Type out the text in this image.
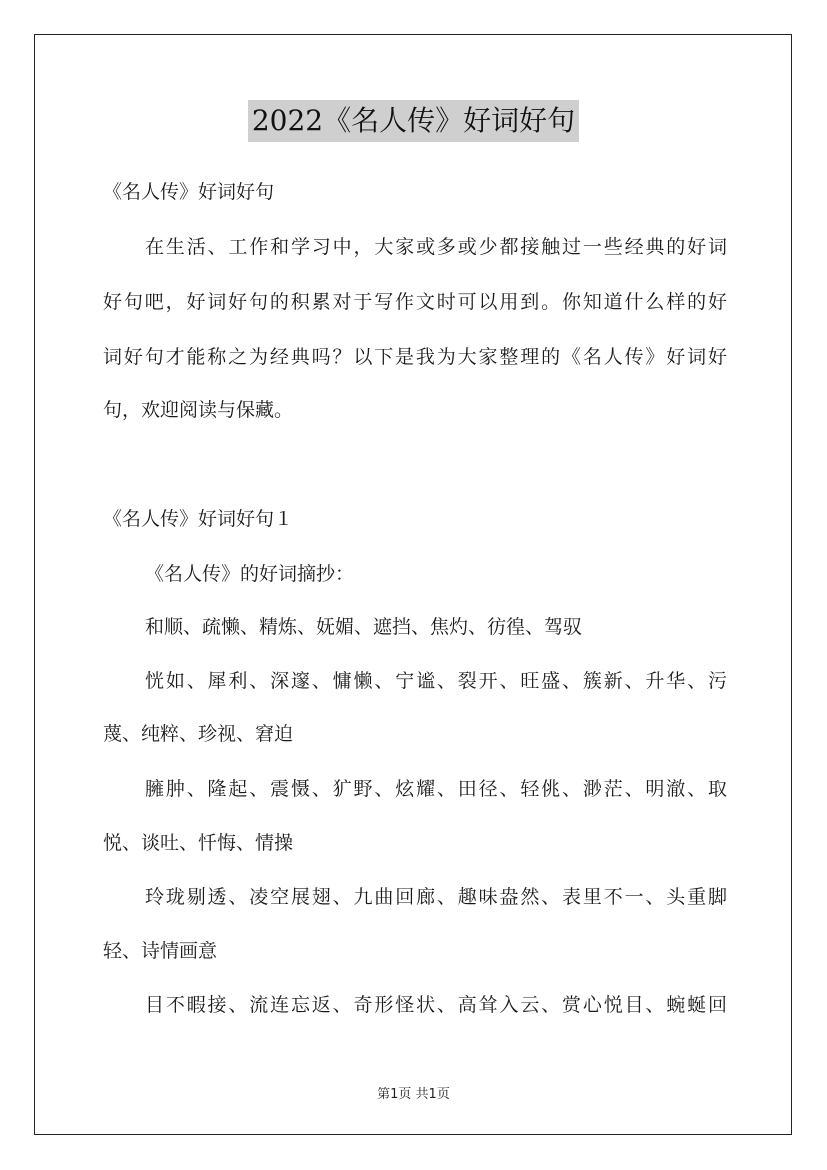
2022《名人传》好词好句
《名人传》好词好句
在生活、工作和学习中，大家或多或少都接触过一些经典的好词
好句吧，好词好句的积累对于写作文时可以用到。你知道什么样的好
词好句才能称之为经典吗？以下是我为大家整理的《名人传》好词好
句，欢迎阅读与保藏。
《名人传》好词好句１
《名人传》的好词摘抄：
和顺、疏懒、精炼、妩媚、遮挡、焦灼、彷徨、驾驭
恍如、犀利、深邃、慵懒、宁谧、裂开、旺盛、簇新、升华、污
蔑、纯粹、珍视、窘迫
臃肿、隆起、震慑、犷野、炫耀、田径、轻佻、渺茫、明澈、取
悦、谈吐、忏悔、情操
玲珑剔透、凌空展翅、九曲回廊、趣味盎然、表里不一、头重脚
轻、诗情画意
目不暇接、流连忘返、奇形怪状、高耸入云、赏心悦目、蜿蜒回
第1页 共1页
